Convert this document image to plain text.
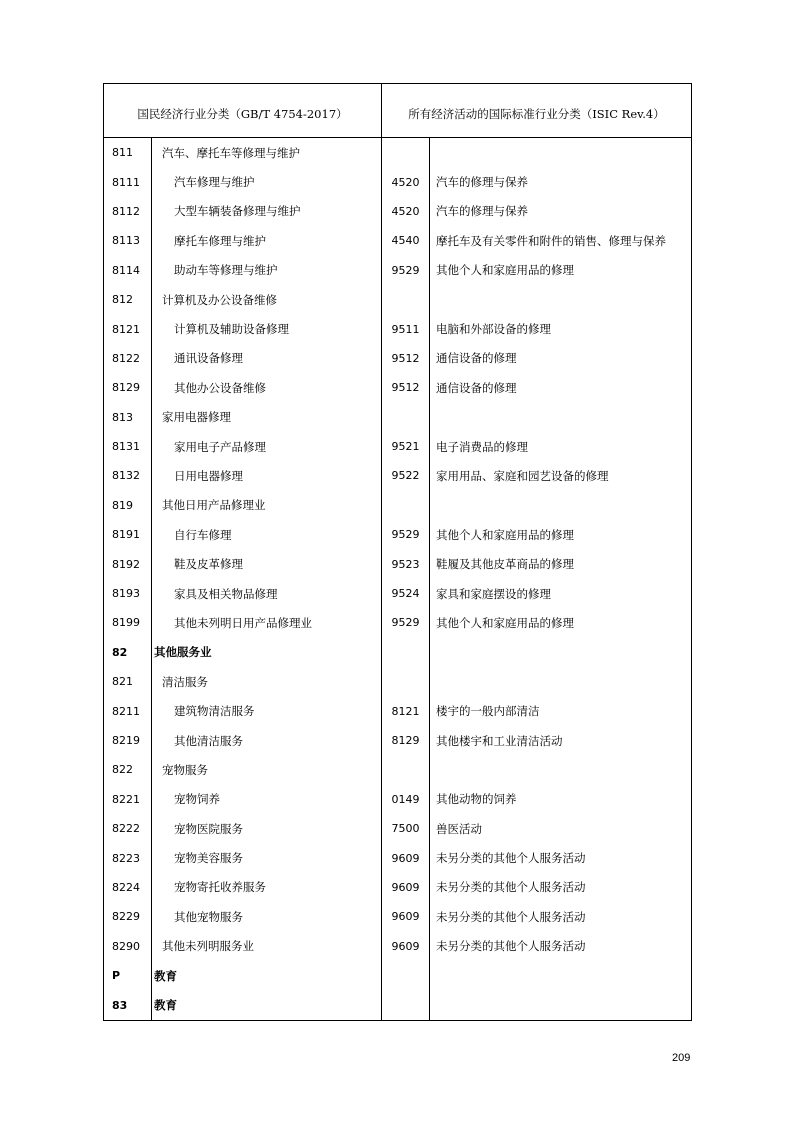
国民经济行业分类（GB/T 4754-2017）		所有经济活动的国际标准行业分类（ISIC Rev.4）	
811	汽车、摩托车等修理与维护		
8111	汽车修理与维护	4520	汽车的修理与保养
8112	大型车辆装备修理与维护	4520	汽车的修理与保养
8113	摩托车修理与维护	4540	摩托车及有关零件和附件的销售、修理与保养
8114	助动车等修理与维护	9529	其他个人和家庭用品的修理
812	计算机及办公设备维修		
8121	计算机及辅助设备修理	9511	电脑和外部设备的修理
8122	通讯设备修理	9512	通信设备的修理
8129	其他办公设备维修	9512	通信设备的修理
813	家用电器修理		
8131	家用电子产品修理	9521	电子消费品的修理
8132	日用电器修理	9522	家用用品、家庭和园艺设备的修理
819	其他日用产品修理业		
8191	自行车修理	9529	其他个人和家庭用品的修理
8192	鞋及皮革修理	9523	鞋履及其他皮革商品的修理
8193	家具及相关物品修理	9524	家具和家庭摆设的修理
8199	其他未列明日用产品修理业	9529	其他个人和家庭用品的修理
82	其他服务业		
821	清洁服务		
8211	建筑物清洁服务	8121	楼宇的一般内部清洁
8219	其他清洁服务	8129	其他楼宇和工业清洁活动
822	宠物服务		
8221	宠物饲养	0149	其他动物的饲养
8222	宠物医院服务	7500	兽医活动
8223	宠物美容服务	9609	未另分类的其他个人服务活动
8224	宠物寄托收养服务	9609	未另分类的其他个人服务活动
8229	其他宠物服务	9609	未另分类的其他个人服务活动
8290	其他未列明服务业	9609	未另分类的其他个人服务活动
P	教育		
83	教育		
209
